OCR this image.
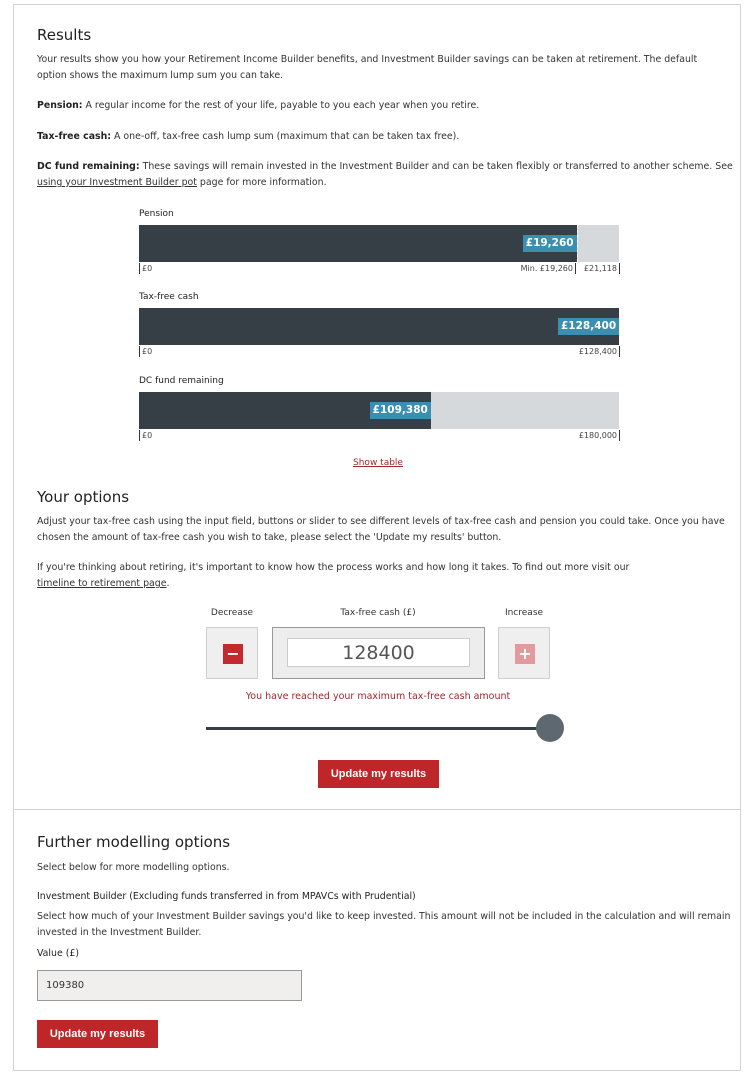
Results
Your results show you how your Retirement Income Builder benefits, and Investment Builder savings can be taken at retirement. The default
option shows the maximum lump sum you can take.
Pension: A regular income for the rest of your life, payable to you each year when you retire.
Tax-free cash: A one-off, tax-free cash lump sum (maximum that can be taken tax free).
DC fund remaining: These savings will remain invested in the Investment Builder and can be taken flexibly or transferred to another scheme. See
using your Investment Builder pot page for more information.
Pension
£19,260
£0	Min. £19,260	£21,118
Tax-free cash
£128,400
£0	£128,400
DC fund remaining
£109,380
£0	£180,000
Show table
Your options
Adjust your tax-free cash using the input field, buttons or slider to see different levels of tax-free cash and pension you could take. Once you have
chosen the amount of tax-free cash you wish to take, please select the 'Update my results' button.
If you're thinking about retiring, it's important to know how the process works and how long it takes. To find out more visit our
timeline to retirement page.
Decrease	Tax-free cash (£)	Increase
−
128400	+
You have reached your maximum tax-free cash amount
Update my results
Further modelling options
Select below for more modelling options.
Investment Builder (Excluding funds transferred in from MPAVCs with Prudential)
Select how much of your Investment Builder savings you'd like to keep invested. This amount will not be included in the calculation and will remain
invested in the Investment Builder.
Value (£)
109380
Update my results
